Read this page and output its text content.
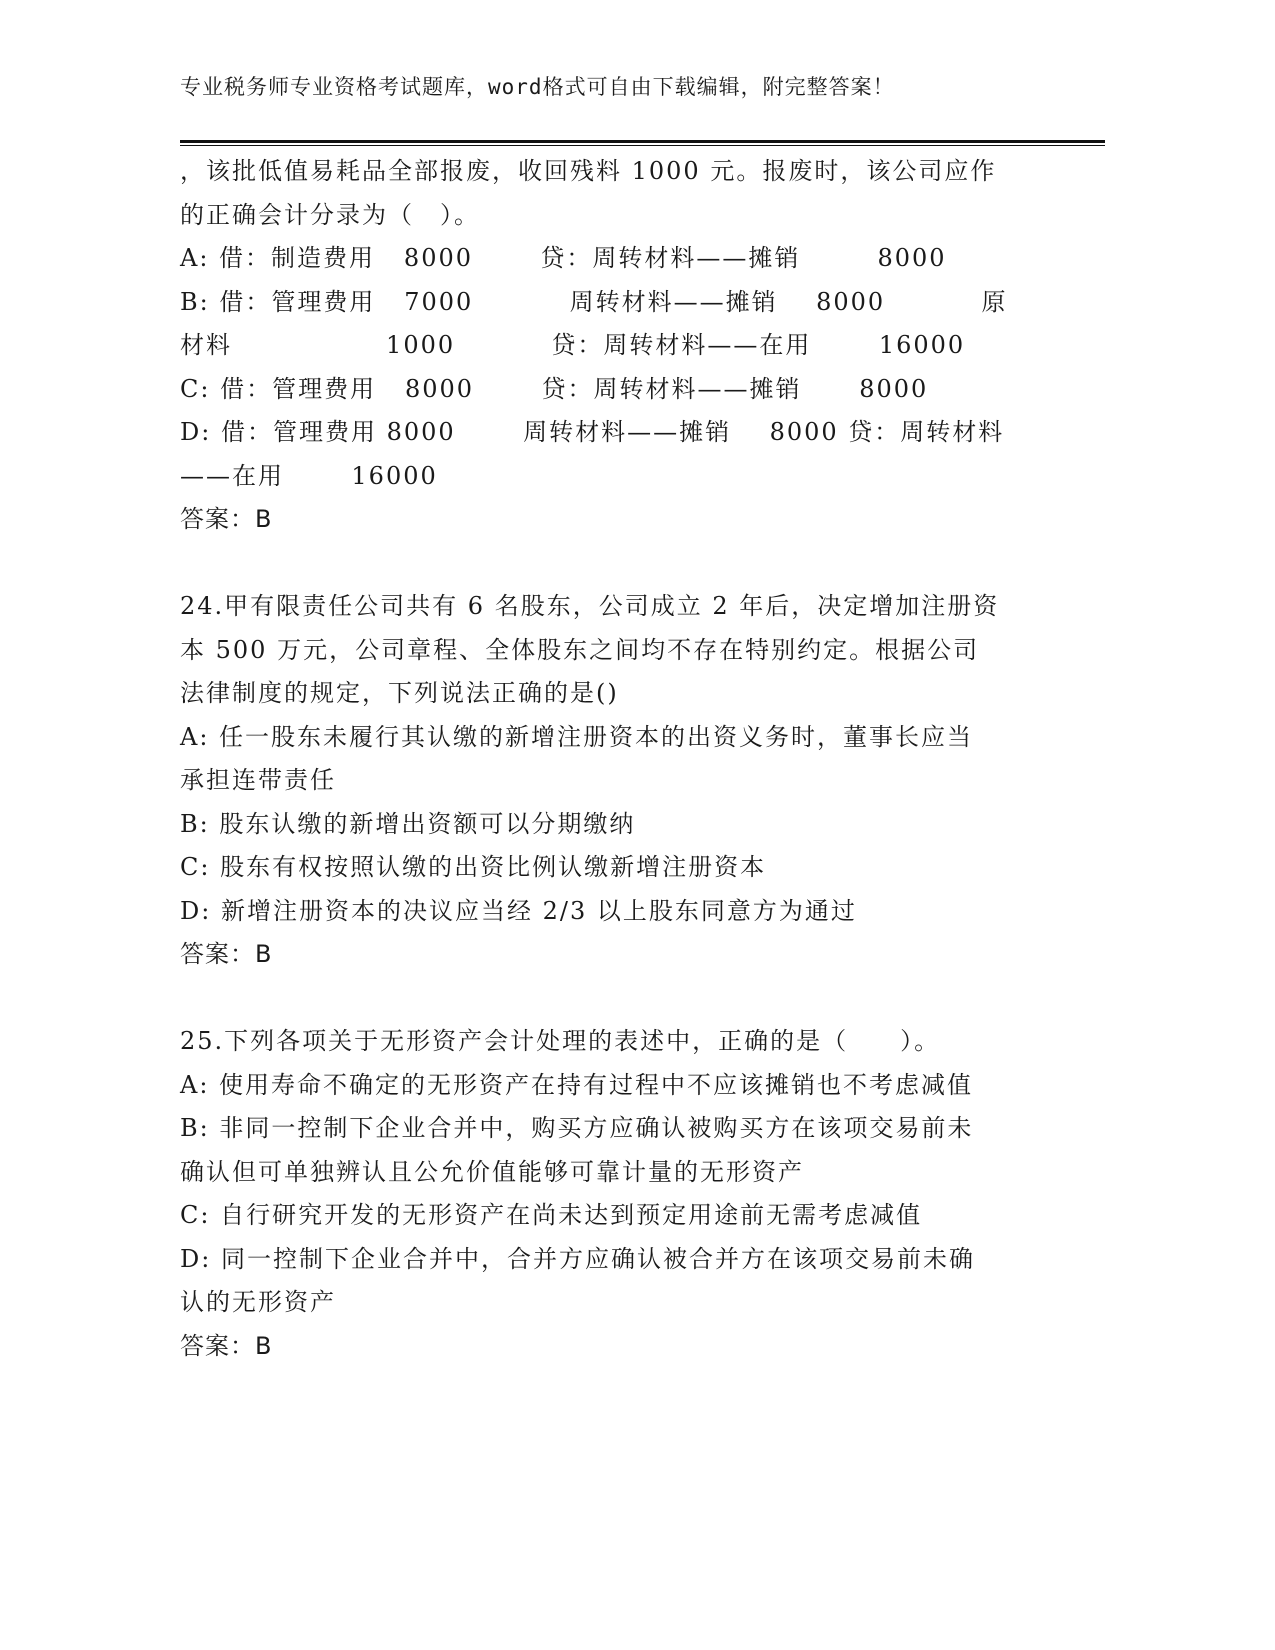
专业税务师专业资格考试题库，word格式可自由下载编辑，附完整答案！
，该批低值易耗品全部报废，收回残料 1000 元。报废时，该公司应作
的正确会计分录为（　）。
A: 借：制造费用   8000       贷：周转材料——摊销        8000
B: 借：管理费用   7000          周转材料——摊销    8000          原
材料                1000          贷：周转材料——在用       16000
C: 借：管理费用   8000       贷：周转材料——摊销      8000
D: 借：管理费用 8000       周转材料——摊销    8000 贷：周转材料
——在用       16000
答案：B
24.甲有限责任公司共有 6 名股东，公司成立 2 年后，决定增加注册资
本 500 万元，公司章程、全体股东之间均不存在特别约定。根据公司
法律制度的规定，下列说法正确的是()
A: 任一股东未履行其认缴的新增注册资本的出资义务时，董事长应当
承担连带责任
B: 股东认缴的新增出资额可以分期缴纳
C: 股东有权按照认缴的出资比例认缴新增注册资本
D: 新增注册资本的决议应当经 2/3 以上股东同意方为通过
答案：B
25.下列各项关于无形资产会计处理的表述中，正确的是（　　）。
A: 使用寿命不确定的无形资产在持有过程中不应该摊销也不考虑减值
B: 非同一控制下企业合并中，购买方应确认被购买方在该项交易前未
确认但可单独辨认且公允价值能够可靠计量的无形资产
C: 自行研究开发的无形资产在尚未达到预定用途前无需考虑减值
D: 同一控制下企业合并中，合并方应确认被合并方在该项交易前未确
认的无形资产
答案：B
